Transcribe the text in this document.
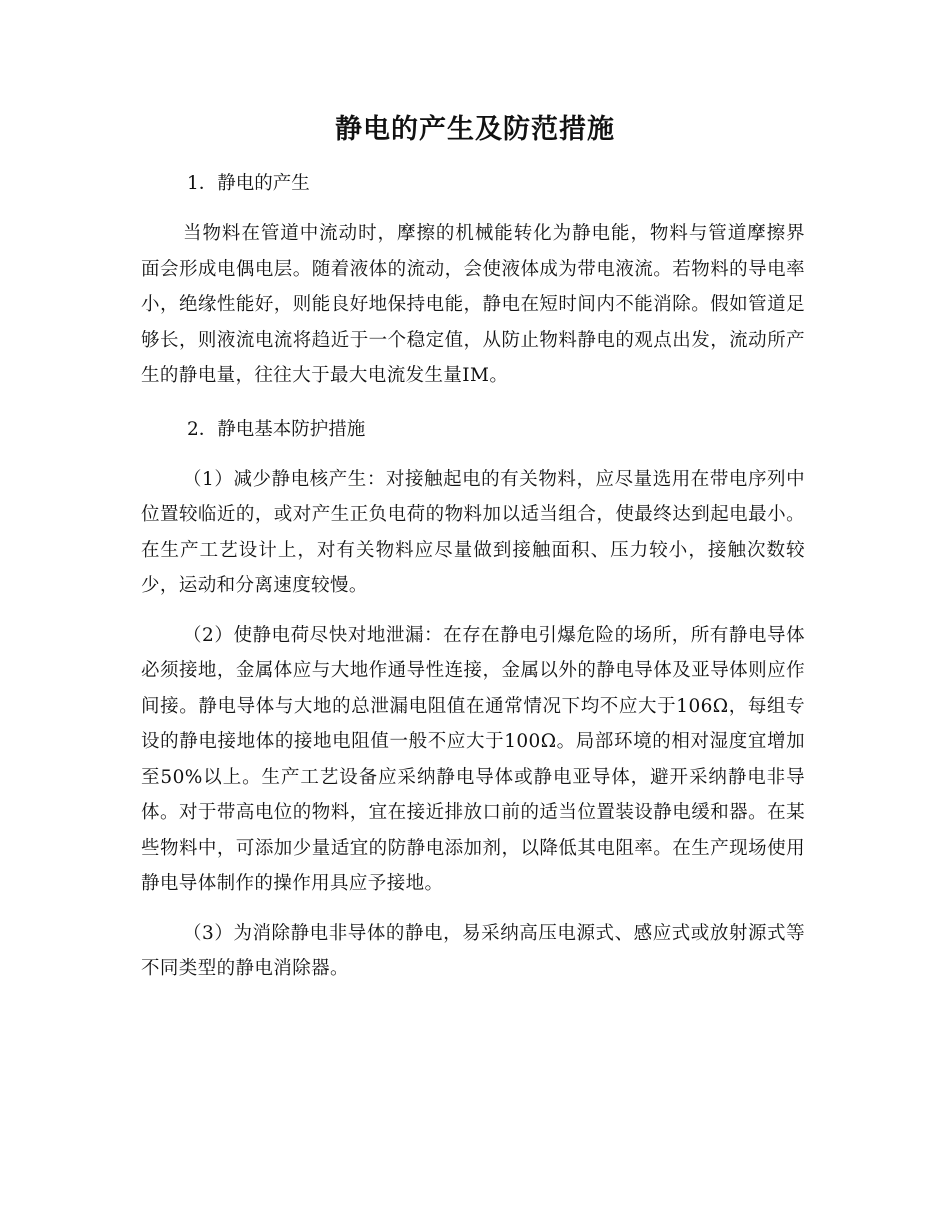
静电的产生及防范措施
1．静电的产生

当物料在管道中流动时，摩擦的机械能转化为静电能，物料与管道摩擦界面会形成电偶电层。随着液体的流动，会使液体成为带电液流。若物料的导电率小，绝缘性能好，则能良好地保持电能，静电在短时间内不能消除。假如管道足够长，则液流电流将趋近于一个稳定值，从防止物料静电的观点出发，流动所产生的静电量，往往大于最大电流发生量IM。

2．静电基本防护措施

（1）减少静电核产生：对接触起电的有关物料，应尽量选用在带电序列中位置较临近的，或对产生正负电荷的物料加以适当组合，使最终达到起电最小。在生产工艺设计上，对有关物料应尽量做到接触面积、压力较小，接触次数较少，运动和分离速度较慢。

（2）使静电荷尽快对地泄漏：在存在静电引爆危险的场所，所有静电导体必须接地，金属体应与大地作通导性连接，金属以外的静电导体及亚导体则应作间接。静电导体与大地的总泄漏电阻值在通常情况下均不应大于106Ω，每组专设的静电接地体的接地电阻值一般不应大于100Ω。局部环境的相对湿度宜增加至50%以上。生产工艺设备应采纳静电导体或静电亚导体，避开采纳静电非导体。对于带高电位的物料，宜在接近排放口前的适当位置装设静电缓和器。在某些物料中，可添加少量适宜的防静电添加剂，以降低其电阻率。在生产现场使用静电导体制作的操作用具应予接地。

（3）为消除静电非导体的静电，易采纳高压电源式、感应式或放射源式等不同类型的静电消除器。
